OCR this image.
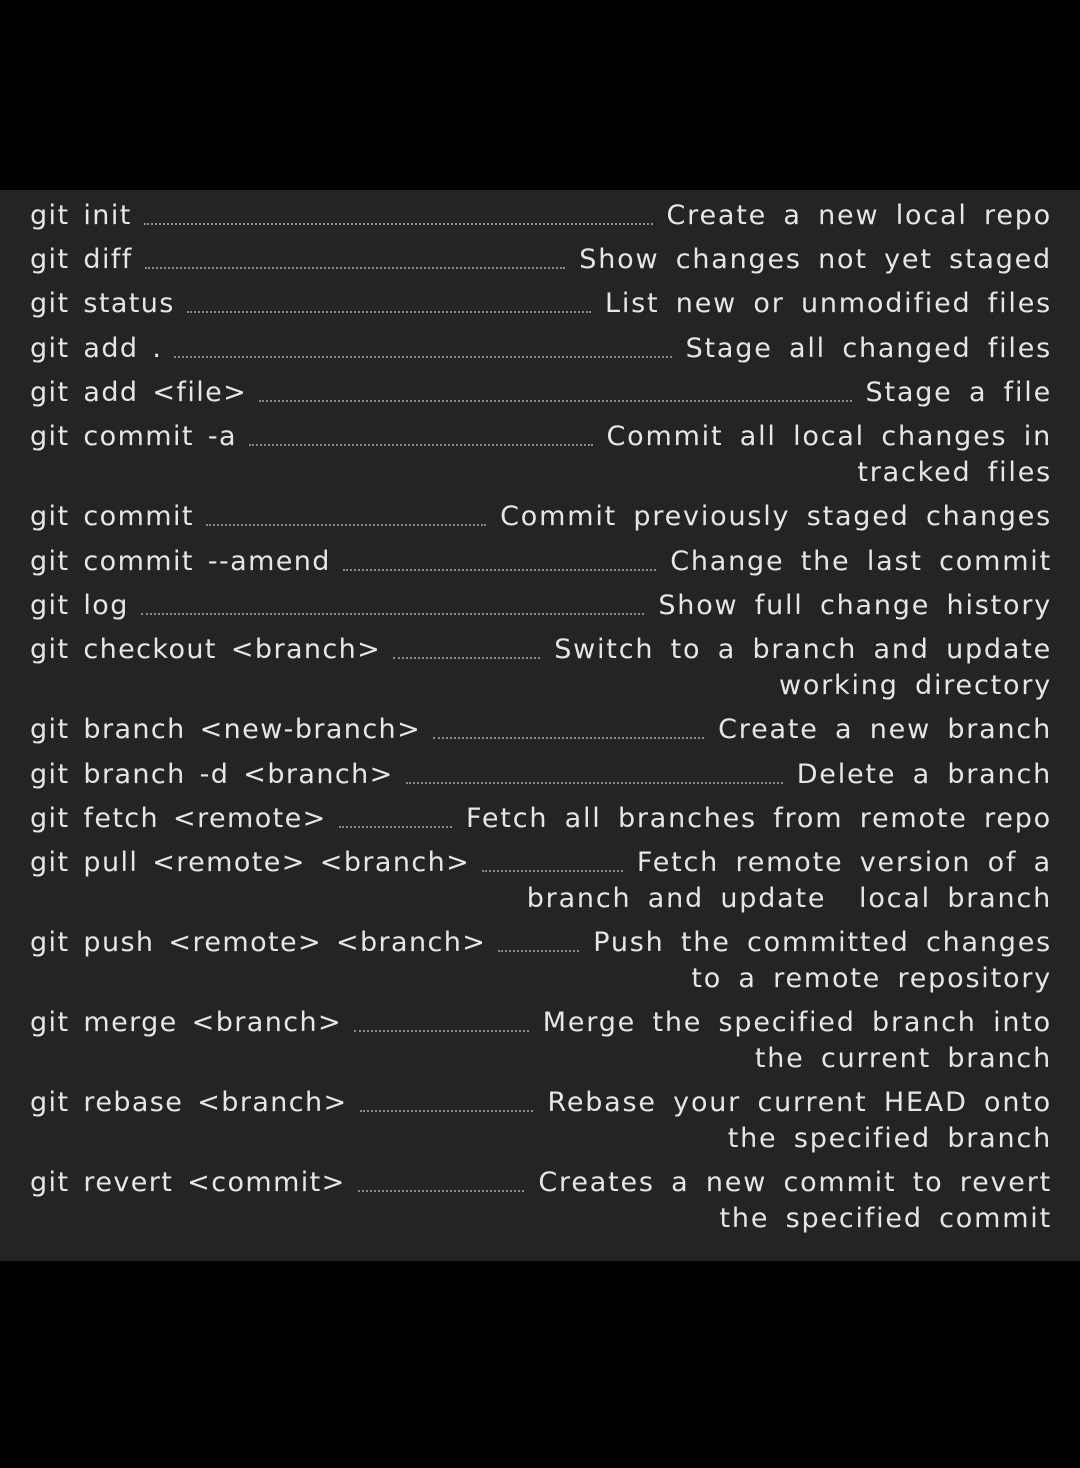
git init	Create a new local repo
git diff	Show changes not yet staged
git status	List new or unmodified files
git add .	Stage all changed files
git add <file>	Stage a file
git commit -a	Commit all local changes in
tracked files
git commit	Commit previously staged changes
git commit --amend	Change the last commit
git log	Show full change history
git checkout <branch>	Switch to a branch and update
working directory
git branch <new-branch>	Create a new branch
git branch -d <branch>	Delete a branch
git fetch <remote>	Fetch all branches from remote repo
git pull <remote> <branch>	Fetch remote version of a
branch and update  local branch
git push <remote> <branch>	Push the committed changes
to a remote repository
git merge <branch>	Merge the specified branch into
the current branch
git rebase <branch>	Rebase your current HEAD onto
the specified branch
git revert <commit>	Creates a new commit to revert
the specified commit
